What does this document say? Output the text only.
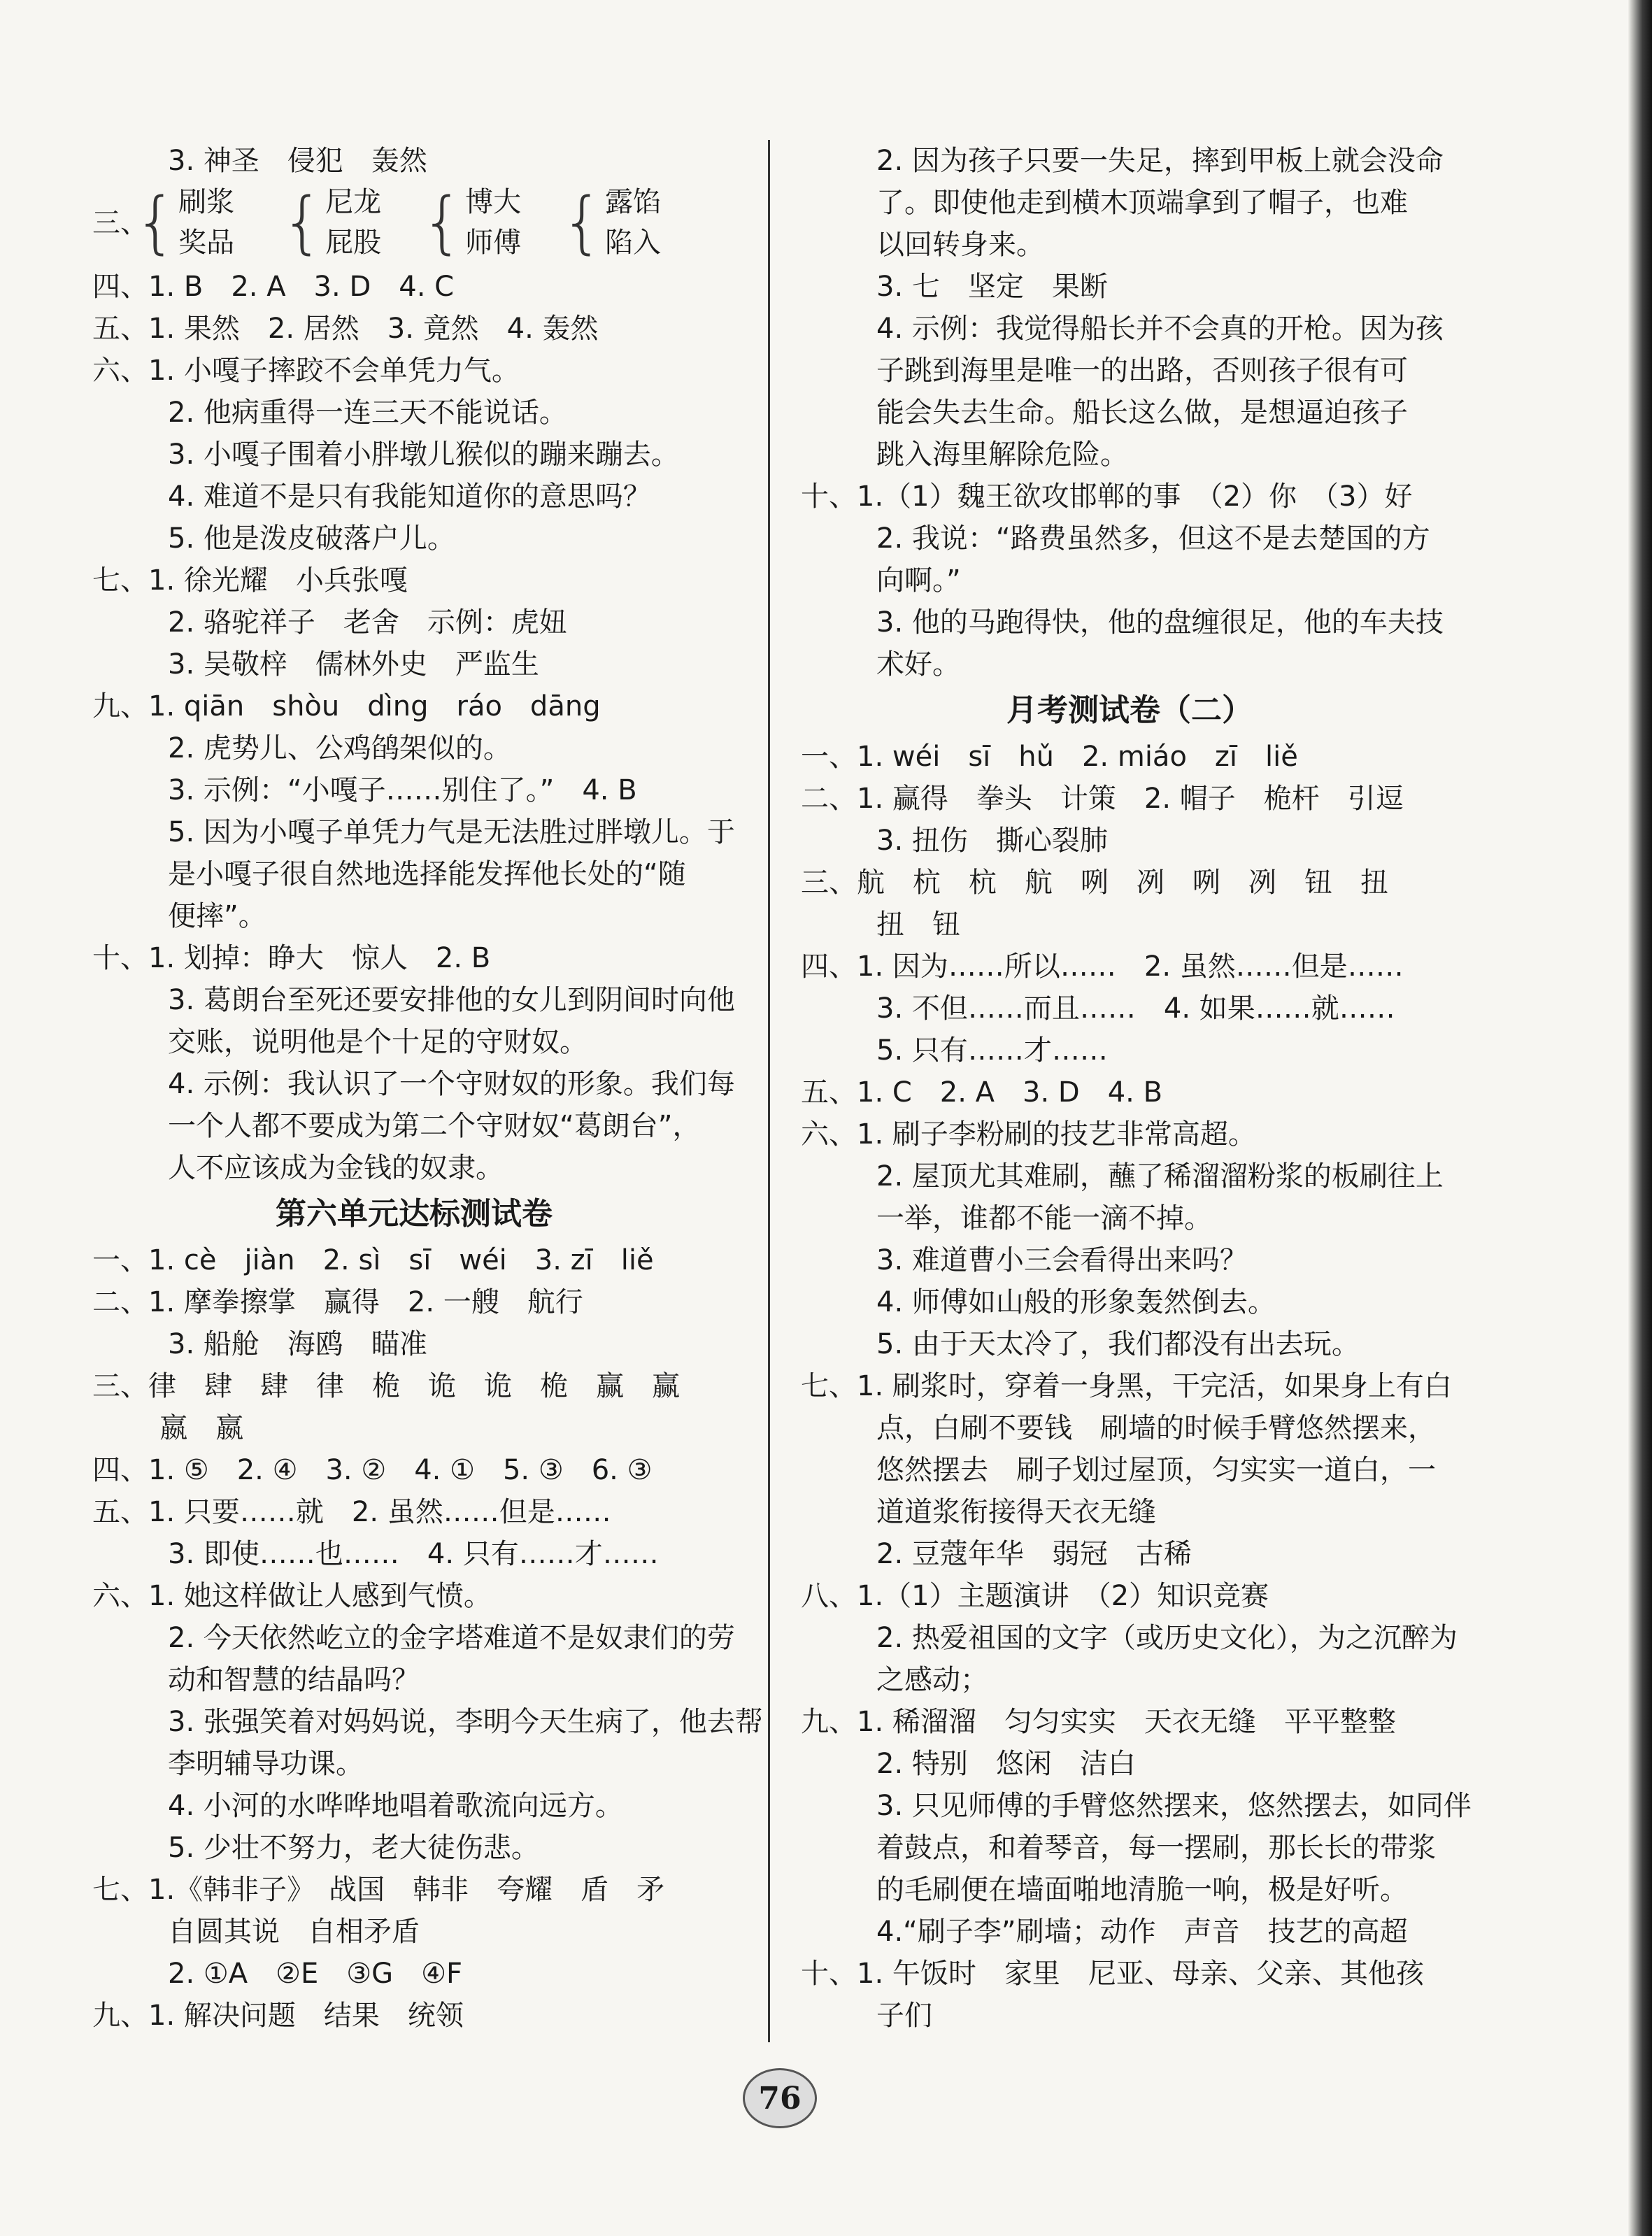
3. 神圣　侵犯　轰然
三、
{ 刷浆
奖品 { 尼龙
屁股 { 博大
师傅 { 露馅
陷入
四、1. B　2. A　3. D　4. C
五、1. 果然　2. 居然　3. 竟然　4. 轰然
六、1. 小嘎子摔跤不会单凭力气。
2. 他病重得一连三天不能说话。
3. 小嘎子围着小胖墩儿猴似的蹦来蹦去。
4. 难道不是只有我能知道你的意思吗？
5. 他是泼皮破落户儿。
七、1. 徐光耀　小兵张嘎
2. 骆驼祥子　老舍　示例：虎妞
3. 吴敬梓　儒林外史　严监生
九、1. qiān　shòu　dìng　ráo　dāng
2. 虎势儿、公鸡鹐架似的。
3. 示例：“小嘎子……别住了。”　4. B
5. 因为小嘎子单凭力气是无法胜过胖墩儿。于
是小嘎子很自然地选择能发挥他长处的“随
便摔”。
十、1. 划掉：睁大　惊人　2. B
3. 葛朗台至死还要安排他的女儿到阴间时向他
交账，说明他是个十足的守财奴。
4. 示例：我认识了一个守财奴的形象。我们每
一个人都不要成为第二个守财奴“葛朗台”，
人不应该成为金钱的奴隶。
第六单元达标测试卷
一、1. cè　jiàn　2. sì　sī　wéi　3. zī　liě
二、1. 摩拳擦掌　赢得　2. 一艘　航行
3. 船舱　海鸥　瞄准
三、律　肆　肆　律　桅　诡　诡　桅　赢　赢
　嬴　嬴
四、1. ⑤　2. ④　3. ②　4. ①　5. ③　6. ③
五、1. 只要……就　2. 虽然……但是……
3. 即使……也……　4. 只有……才……
六、1. 她这样做让人感到气愤。
2. 今天依然屹立的金字塔难道不是奴隶们的劳
动和智慧的结晶吗？
3. 张强笑着对妈妈说，李明今天生病了，他去帮
李明辅导功课。
4. 小河的水哗哗地唱着歌流向远方。
5. 少壮不努力，老大徒伤悲。
七、1.《韩非子》　战国　韩非　夸耀　盾　矛
自圆其说　自相矛盾
2. ①A　②E　③G　④F
九、1. 解决问题　结果　统领
2. 因为孩子只要一失足，摔到甲板上就会没命
了。即使他走到横木顶端拿到了帽子，也难
以回转身来。
3. 七　坚定　果断
4. 示例：我觉得船长并不会真的开枪。因为孩
子跳到海里是唯一的出路，否则孩子很有可
能会失去生命。船长这么做，是想逼迫孩子
跳入海里解除危险。
十、1.（1）魏王欲攻邯郸的事　（2）你　（3）好
2. 我说：“路费虽然多，但这不是去楚国的方
向啊。”
3. 他的马跑得快，他的盘缠很足，他的车夫技
术好。
月考测试卷（二）
一、1. wéi　sī　hǔ　2. miáo　zī　liě
二、1. 赢得　拳头　计策　2. 帽子　桅杆　引逗
3. 扭伤　撕心裂肺
三、航　杭　杭　航　咧　冽　咧　冽　钮　扭
扭　钮
四、1. 因为……所以……　2. 虽然……但是……
3. 不但……而且……　4. 如果……就……
5. 只有……才……
五、1. C　2. A　3. D　4. B
六、1. 刷子李粉刷的技艺非常高超。
2. 屋顶尤其难刷，蘸了稀溜溜粉浆的板刷往上
一举，谁都不能一滴不掉。
3. 难道曹小三会看得出来吗？
4. 师傅如山般的形象轰然倒去。
5. 由于天太冷了，我们都没有出去玩。
七、1. 刷浆时，穿着一身黑，干完活，如果身上有白
点，白刷不要钱　刷墙的时候手臂悠然摆来，
悠然摆去　刷子划过屋顶，匀实实一道白，一
道道浆衔接得天衣无缝
2. 豆蔻年华　弱冠　古稀
八、1.（1）主题演讲　（2）知识竞赛
2. 热爱祖国的文字（或历史文化），为之沉醉为
之感动；
九、1. 稀溜溜　匀匀实实　天衣无缝　平平整整
2. 特别　悠闲　洁白
3. 只见师傅的手臂悠然摆来，悠然摆去，如同伴
着鼓点，和着琴音，每一摆刷，那长长的带浆
的毛刷便在墙面啪地清脆一响，极是好听。
4.“刷子李”刷墙；动作　声音　技艺的高超
十、1. 午饭时　家里　尼亚、母亲、父亲、其他孩
子们
76
